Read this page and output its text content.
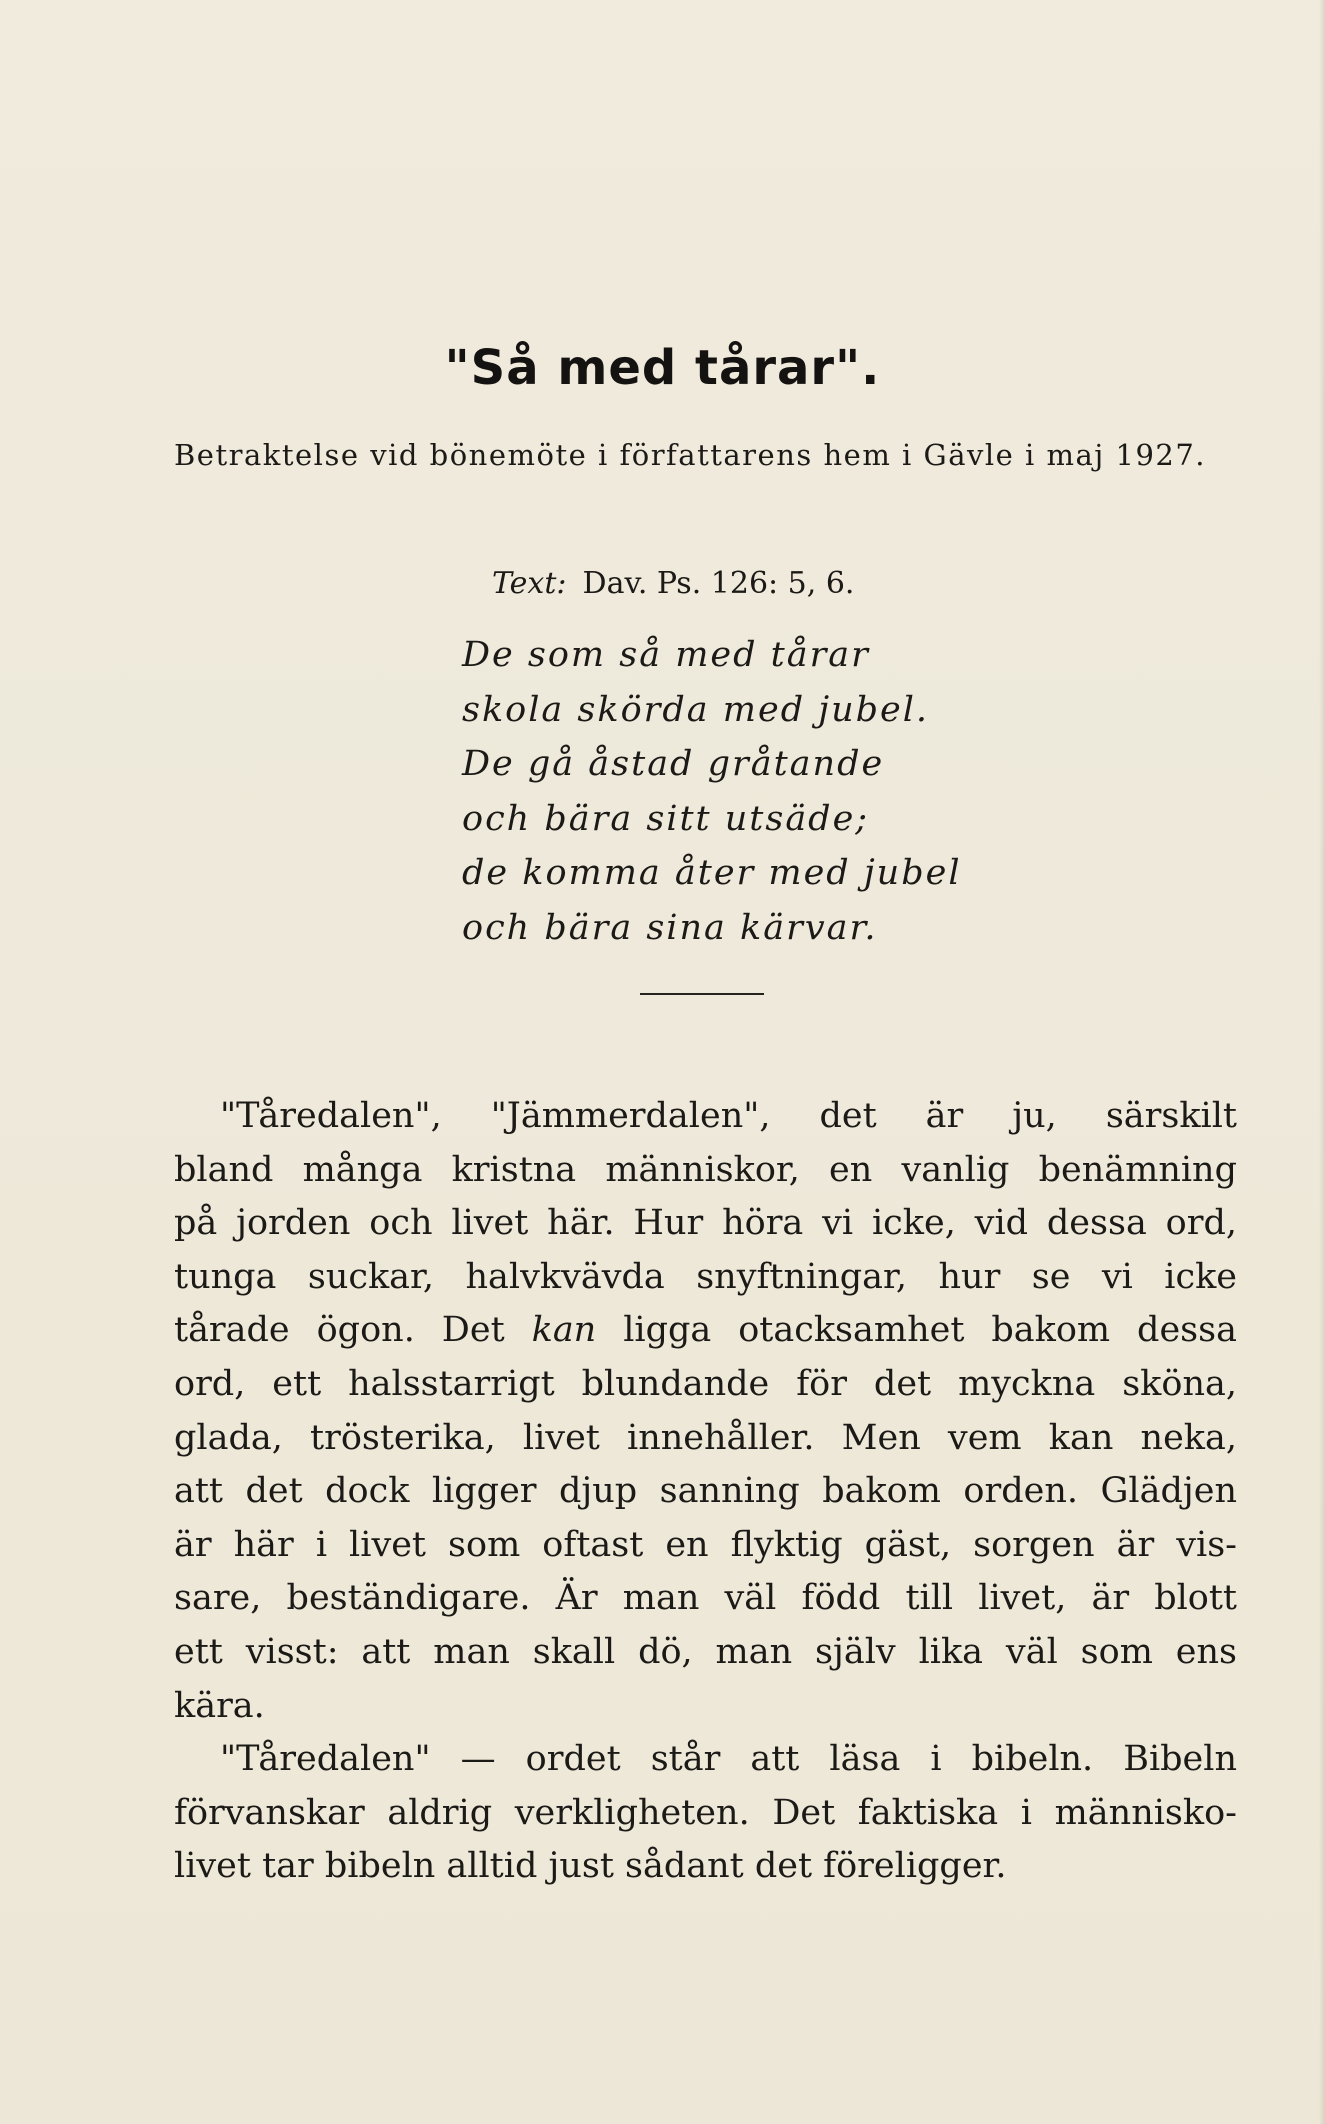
"Så med tårar".

Betraktelse vid bönemöte i författarens hem i Gävle i maj 1927.

Text: Dav. Ps. 126: 5, 6.

De som så med tårar
skola skörda med jubel.
De gå åstad gråtande
och bära sitt utsäde;
de komma åter med jubel
och bära sina kärvar.
"Tåredalen", "Jämmerdalen", det är ju, särskilt
bland många kristna människor, en vanlig benämning
på jorden och livet här. Hur höra vi icke, vid dessa ord,
tunga suckar, halvkvävda snyftningar, hur se vi icke
tårade ögon. Det kan ligga otacksamhet bakom dessa
ord, ett halsstarrigt blundande för det myckna sköna,
glada, trösterika, livet innehåller. Men vem kan neka,
att det dock ligger djup sanning bakom orden. Glädjen
är här i livet som oftast en flyktig gäst, sorgen är vis-
sare, beständigare. Är man väl född till livet, är blott
ett visst: att man skall dö, man själv lika väl som ens
kära.
"Tåredalen" — ordet står att läsa i bibeln. Bibeln
förvanskar aldrig verkligheten. Det faktiska i människo-
livet tar bibeln alltid just sådant det föreligger.
